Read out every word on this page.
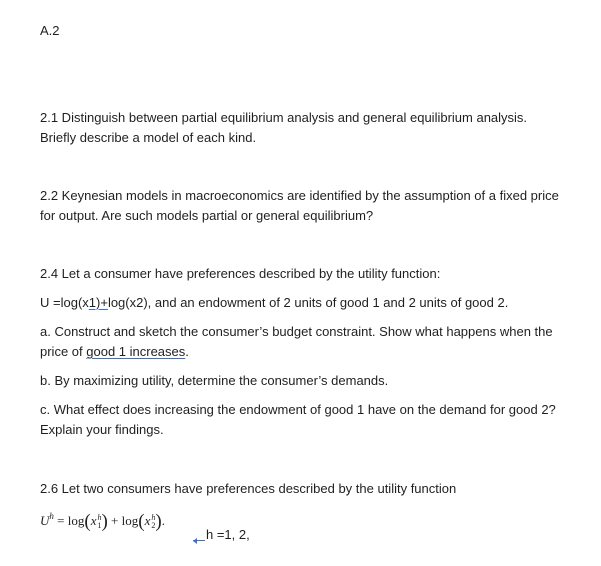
A.2
2.1 Distinguish between partial equilibrium analysis and general equilibrium analysis.
Briefly describe a model of each kind.
2.2 Keynesian models in macroeconomics are identified by the assumption of a fixed price
for output. Are such models partial or general equilibrium?
2.4 Let a consumer have preferences described by the utility function:
U =log(x1)+log(x2), and an endowment of 2 units of good 1 and 2 units of good 2.
a. Construct and sketch the consumer’s budget constraint. Show what happens when the
price of good 1 increases.
b. By maximizing utility, determine the consumer’s demands.
c. What effect does increasing the endowment of good 1 have on the demand for good 2?
Explain your findings.
2.6 Let two consumers have preferences described by the utility function
$U^h = \log(x$ h
1 ) + log(x h
2 ).
h =1, 2,
